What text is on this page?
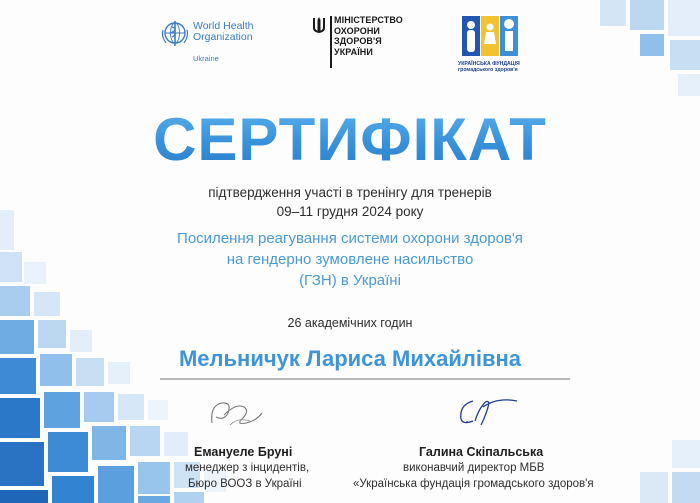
World Health
Organization
Ukraine
МІНІСТЕРСТВО
ОХОРОНИ
ЗДОРОВ'Я
УКРАЇНИ
УКРАЇНСЬКА ФУНДАЦІЯ
громадського здоров'я
СЕРТИФІКАТ
підтвердження участі в тренінгу для тренерів
09–11 грудня 2024 року
Посилення реагування системи охорони здоров'я
на гендерно зумовлене насильство
(ГЗН) в Україні
26 академічних годин
Мельничук Лариса Михайлівна
Емануеле Бруні
менеджер з інцидентів,
Бюро ВООЗ в Україні
Галина Скіпальська
виконавчий директор МБВ
«Українська фундація громадського здоров'я
